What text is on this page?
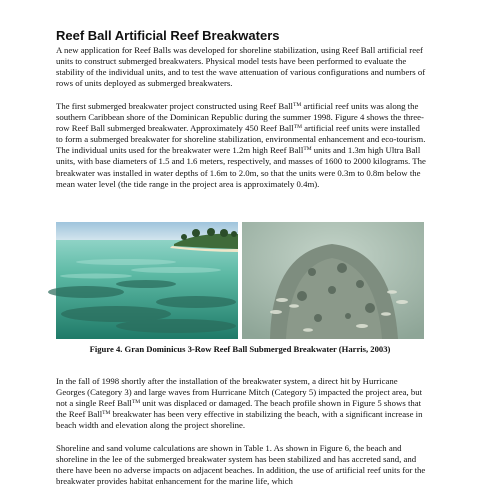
Reef Ball Artificial Reef Breakwaters

A new application for Reef Balls was developed for shoreline stabilization, using Reef Ball artificial reef units to construct submerged breakwaters. Physical model tests have been performed to evaluate the stability of the individual units, and to test the wave attenuation of various configurations and numbers of rows of units deployed as submerged breakwaters.

The first submerged breakwater project constructed using Reef Ball™ artificial reef units was along the southern Caribbean shore of the Dominican Republic during the summer 1998. Figure 4 shows the three-row Reef Ball submerged breakwater. Approximately 450 Reef Ball™ artificial reef units were installed to form a submerged breakwater for shoreline stabilization, environmental enhancement and eco-tourism. The individual units used for the breakwater were 1.2m high Reef Ball™ units and 1.3m high Ultra Ball units, with base diameters of 1.5 and 1.6 meters, respectively, and masses of 1600 to 2000 kilograms. The breakwater was installed in water depths of 1.6m to 2.0m, so that the units were 0.3m to 0.8m below the mean water level (the tide range in the project area is approximately 0.4m).

Figure 4. Gran Dominicus 3-Row Reef Ball Submerged Breakwater (Harris, 2003)

In the fall of 1998 shortly after the installation of the breakwater system, a direct hit by Hurricane Georges (Category 3) and large waves from Hurricane Mitch (Category 5) impacted the project area, but not a single Reef Ball™ unit was displaced or damaged. The beach profile shown in Figure 5 shows that the Reef Ball™ breakwater has been very effective in stabilizing the beach, with a significant increase in beach width and elevation along the project shoreline.

Shoreline and sand volume calculations are shown in Table 1. As shown in Figure 6, the beach and shoreline in the lee of the submerged breakwater system has been stabilized and has accreted sand, and there have been no adverse impacts on adjacent beaches. In addition, the use of artificial reef units for the breakwater provides habitat enhancement for the marine life, which
